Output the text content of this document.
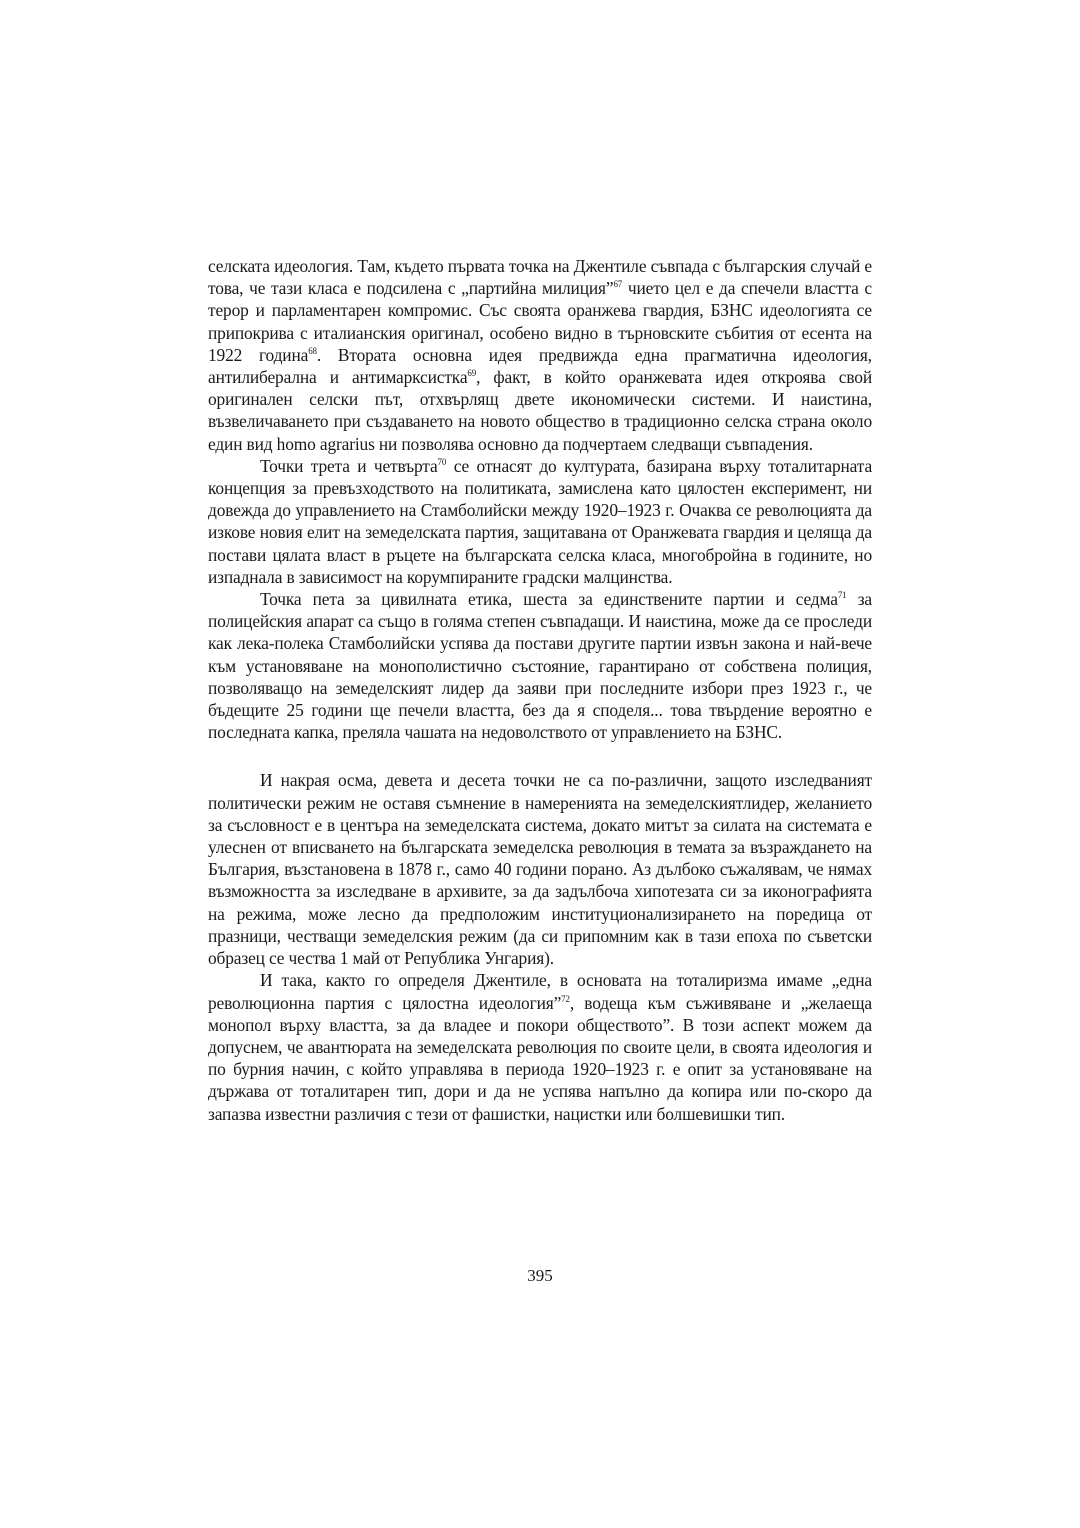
селската идеология. Там, където първата точка на Джентиле съвпада с българския случай е това, че тази класа е подсилена с „партийна милиция”$^{67}$ чието цел е да спечели властта с терор и парламентарен компромис. Със своята оранжева гвардия, БЗНС идеологията се припокрива с италианския оригинал, особено видно в търновските събития от есента на 1922 година$^{68}$. Втората основна идея предвижда една прагматична идеология, антилиберална и антимарксистка$^{69}$, факт, в който оранжевата идея откроява свой оригинален селски път, отхвърлящ двете икономически системи. И наистина, възвеличаването при създаването на новото общество в традиционно селска страна около един вид homo agrarius ни позволява основно да подчертаем следващи съвпадения.

Точки трета и четвърта$^{70}$ се отнасят до културата, базирана върху тоталитарната концепция за превъзходството на политиката, замислена като цялостен експеримент, ни довежда до управлението на Стамболийски между 1920–1923 г. Очаква се революцията да изкове новия елит на земеделската партия, защитавана от Оранжевата гвардия и целяща да постави цялата власт в ръцете на българската селска класа, многобройна в годините, но изпаднала в зависимост на корумпираните градски малцинства.

Точка пета за цивилната етика, шеста за единствените партии и седма$^{71}$ за полицейския апарат са също в голяма степен съвпадащи. И наистина, може да се проследи как лека-полека Стамболийски успява да постави другите партии извън закона и най-вече към установяване на монополистично състояние, гарантирано от собствена полиция, позволяващо на земеделският лидер да заяви при последните избори през 1923 г., че бъдещите 25 години ще печели властта, без да я споделя... това твърдение вероятно е последната капка, преляла чашата на недоволството от управлението на БЗНС.

И накрая осма, девета и десета точки не са по-различни, защото изследваният политически режим не оставя съмнение в намеренията на земеделскиятлидер, желанието за съсловност е в центъра на земеделската система, докато митът за силата на системата е улеснен от вписването на българската земеделска революция в темата за възраждането на България, възстановена в 1878 г., само 40 години порано. Аз дълбоко съжалявам, че нямах възможността за изследване в архивите, за да задълбоча хипотезата си за иконографията на режима, може лесно да предположим институционализирането на поредица от празници, честващи земеделския режим (да си припомним как в тази епоха по съветски образец се чества 1 май от Република Унгария).

И така, както го определя Джентиле, в основата на тоталиризма имаме „една революционна партия с цялостна идеология”$^{72}$, водеща към съживяване и „желаеща монопол върху властта, за да владее и покори обществото”. В този аспект можем да допуснем, че авантюрата на земеделската революция по своите цели, в своята идеология и по бурния начин, с който управлява в периода 1920–1923 г. е опит за установяване на държава от тоталитарен тип, дори и да не успява напълно да копира или по-скоро да запазва известни различия с тези от фашистки, нацистки или болшевишки тип.

395
